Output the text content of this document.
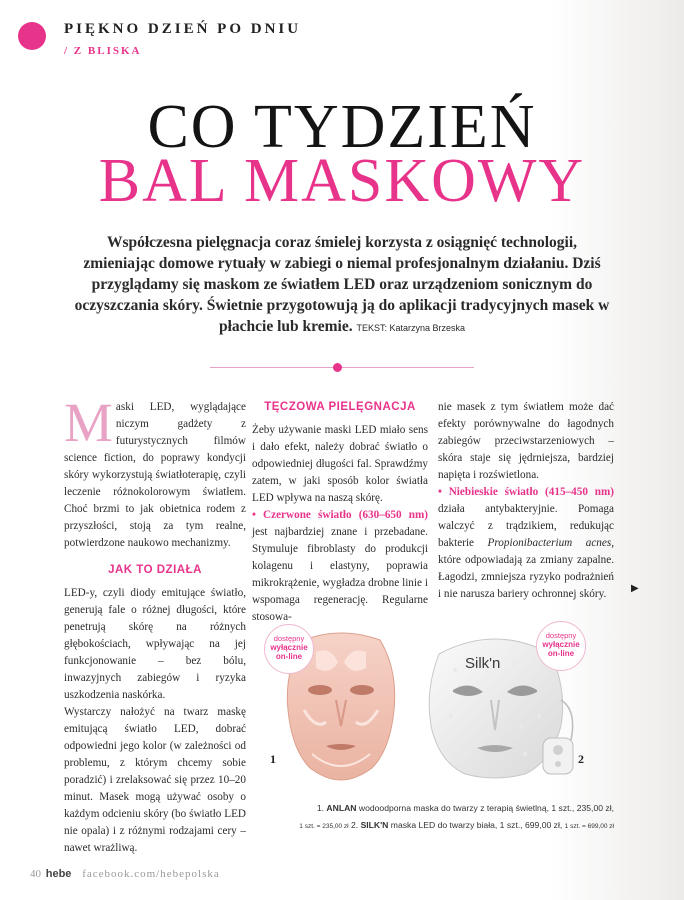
PIĘKNO DZIEŃ PO DNIU
/ Z BLISKA
CO TYDZIEŃ
BAL MASKOWY
Współczesna pielęgnacja coraz śmielej korzysta z osiągnięć technologii, zmieniając domowe rytuały w zabiegi o niemal profesjonalnym działaniu. Dziś przyglądamy się maskom ze światłem LED oraz urządzeniom sonicznym do oczyszczania skóry. Świetnie przygotowują ją do aplikacji tradycyjnych masek w płachcie lub kremie. TEKST: Katarzyna Brzeska

Maski LED, wyglądające niczym gadżety z futurystycznych filmów science fiction, do poprawy kondycji skóry wykorzystują światłoterapię, czyli leczenie różnokolorowym światłem. Choć brzmi to jak obietnica rodem z przyszłości, stoją za tym realne, potwierdzone naukowo mechanizmy.

JAK TO DZIAŁA

LED-y, czyli diody emitujące światło, generują fale o różnej długości, które penetrują skórę na różnych głębokościach, wpływając na jej funkcjonowanie – bez bólu, inwazyjnych zabiegów i ryzyka uszkodzenia naskórka.

Wystarczy nałożyć na twarz maskę emitującą światło LED, dobrać odpowiedni jego kolor (w zależności od problemu, z którym chcemy sobie poradzić) i zrelaksować się przez 10–20 minut. Masek mogą używać osoby o każdym odcieniu skóry (bo światło LED nie opala) i z różnymi rodzajami cery – nawet wrażliwą.

TĘCZOWA PIELĘGNACJA

Żeby używanie maski LED miało sens i dało efekt, należy dobrać światło o odpowiedniej długości fal. Sprawdźmy zatem, w jaki sposób kolor światła LED wpływa na naszą skórę.

• Czerwone światło (630–650 nm) jest najbardziej znane i przebadane. Stymuluje fibroblasty do produkcji kolagenu i elastyny, poprawia mikrokrążenie, wygładza drobne linie i wspomaga regenerację. Regularne stosowa-

nie masek z tym światłem może dać efekty porównywalne do łagodnych zabiegów przeciwstarzeniowych – skóra staje się jędrniejsza, bardziej napięta i rozświetlona.

• Niebieskie światło (415–450 nm) działa antybakteryjnie. Pomaga walczyć z trądzikiem, redukując bakterie Propionibacterium acnes, które odpowiadają za zmiany zapalne. Łagodzi, zmniejsza ryzyko podrażnień i nie narusza bariery ochronnej skóry.	▶
Silk'n
dostępny
wyłącznie
on-line
dostępny
wyłącznie
on-line
1	2
1. ANLAN wodoodporna maska do twarzy z terapią świetlną, 1 szt., 235,00 zł,
1 szt. = 235,00 zł 2. SILK'N maska LED do twarzy biała, 1 szt., 699,00 zł, 1 szt. = 699,00 zł
40 hebe facebook.com/hebepolska
